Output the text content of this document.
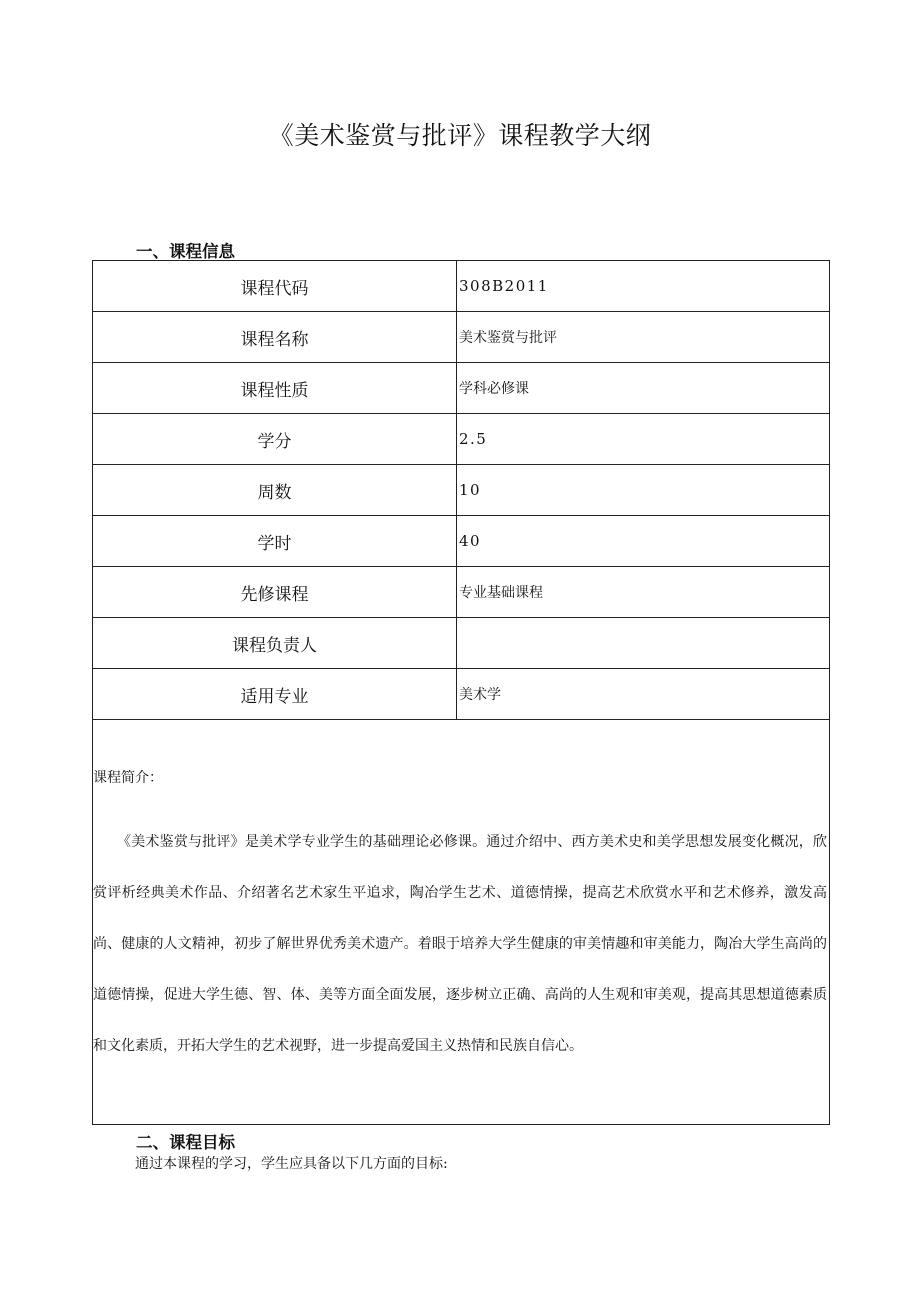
《美术鉴赏与批评》课程教学大纲
一、课程信息
课程代码	308B2011
课程名称	美术鉴赏与批评
课程性质	学科必修课
学分	2.5
周数	10
学时	40
先修课程	专业基础课程
课程负责人	
适用专业	美术学

课程简介：
《美术鉴赏与批评》是美术学专业学生的基础理论必修课。通过介绍中、西方美术史和美学思想发展变化概况，欣赏评析经典美术作品、介绍著名艺术家生平追求，陶冶学生艺术、道德情操，提高艺术欣赏水平和艺术修养，激发高尚、健康的人文精神，初步了解世界优秀美术遗产。着眼于培养大学生健康的审美情趣和审美能力，陶冶大学生高尚的道德情操，促进大学生德、智、体、美等方面全面发展，逐步树立正确、高尚的人生观和审美观，提高其思想道德素质和文化素质，开拓大学生的艺术视野，进一步提高爱国主义热情和民族自信心。	
二、课程目标
通过本课程的学习，学生应具备以下几方面的目标:
